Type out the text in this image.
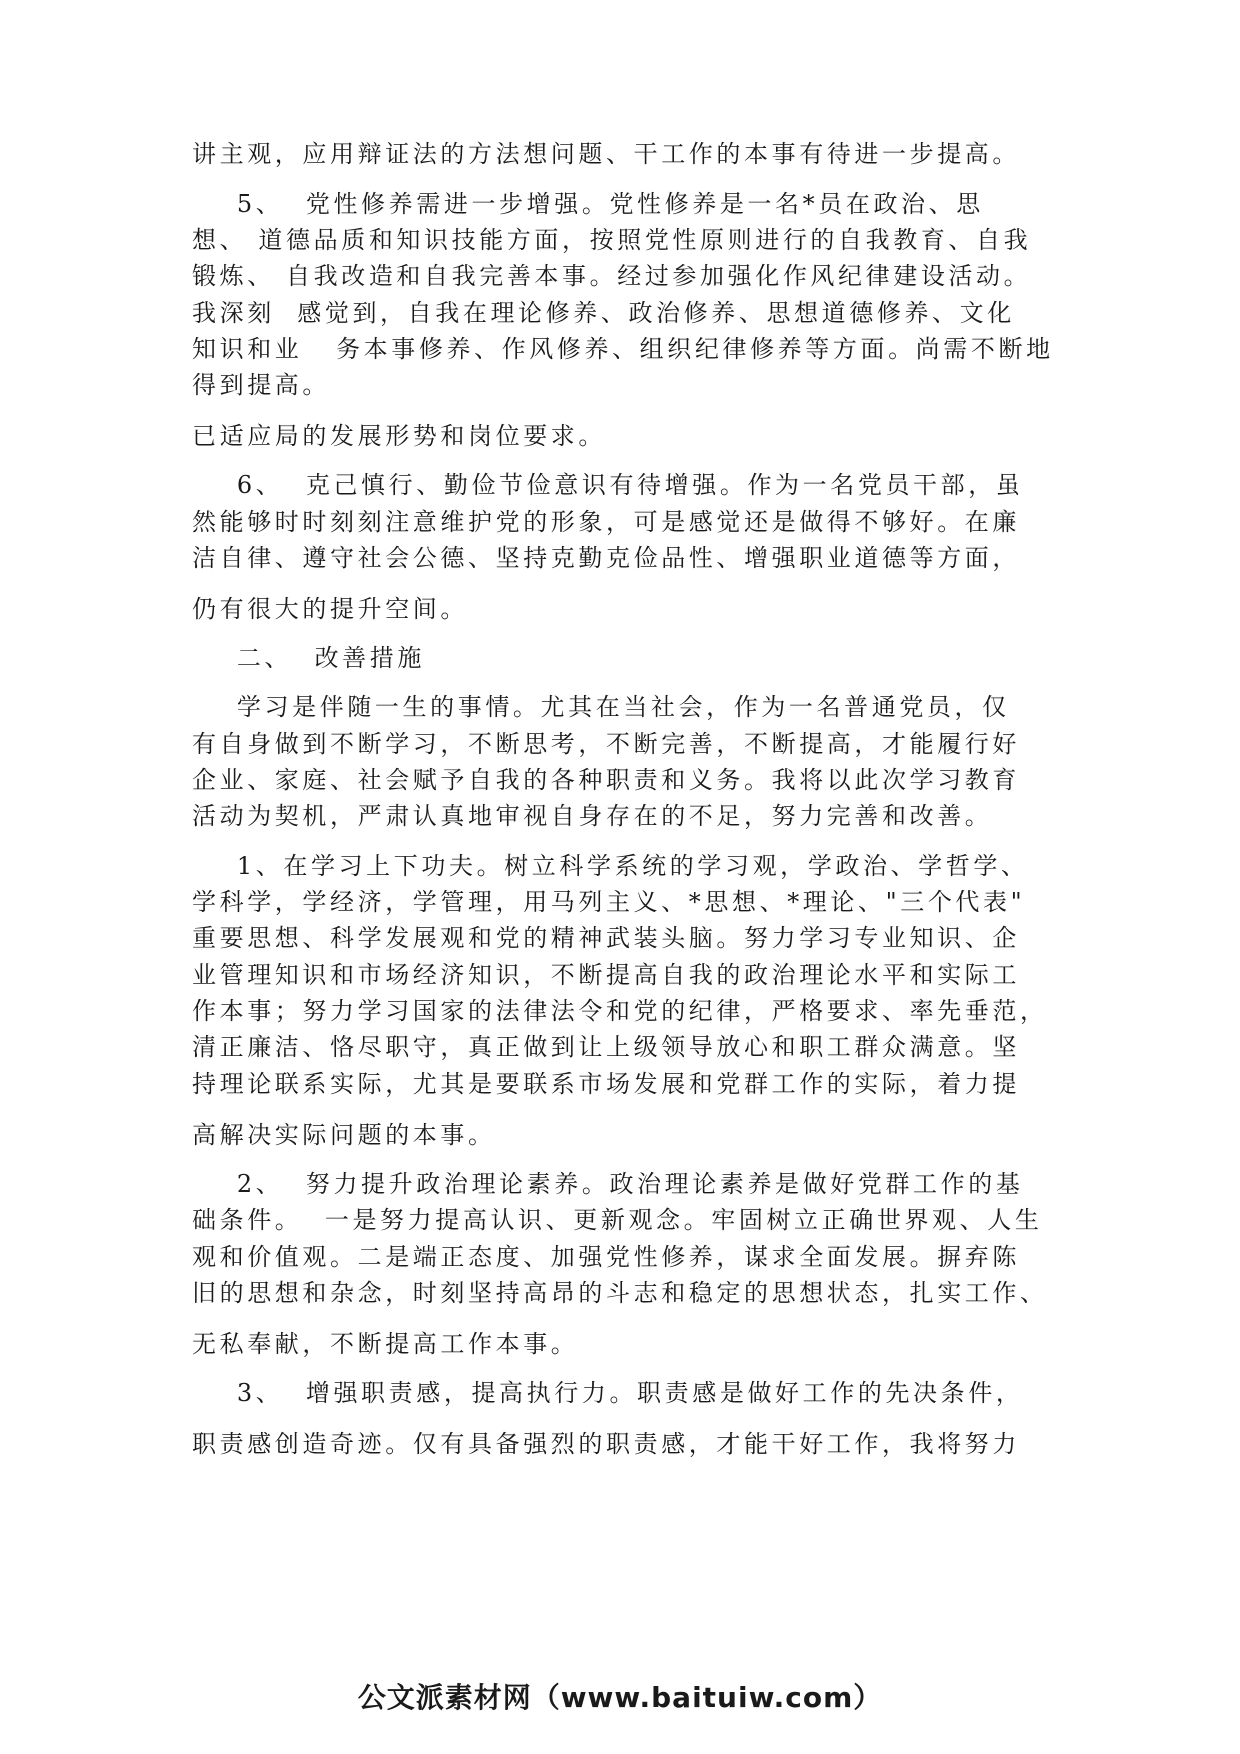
讲主观，应用辩证法的方法想问题、干工作的本事有待进一步提高。
5、  党性修养需进一步增强。党性修养是一名*员在政治、思
想、 道德品质和知识技能方面，按照党性原则进行的自我教育、自我
锻炼、 自我改造和自我完善本事。经过参加强化作风纪律建设活动。
我深刻  感觉到，自我在理论修养、政治修养、思想道德修养、文化
知识和业   务本事修养、作风修养、组织纪律修养等方面。尚需不断地
得到提高。
已适应局的发展形势和岗位要求。
6、  克己慎行、勤俭节俭意识有待增强。作为一名党员干部，虽
然能够时时刻刻注意维护党的形象，可是感觉还是做得不够好。在廉
洁自律、遵守社会公德、坚持克勤克俭品性、增强职业道德等方面，
仍有很大的提升空间。
二、  改善措施
学习是伴随一生的事情。尤其在当社会，作为一名普通党员，仅
有自身做到不断学习，不断思考，不断完善，不断提高，才能履行好
企业、家庭、社会赋予自我的各种职责和义务。我将以此次学习教育
活动为契机，严肃认真地审视自身存在的不足，努力完善和改善。
1、在学习上下功夫。树立科学系统的学习观，学政治、学哲学、
学科学，学经济，学管理，用马列主义、*思想、*理论、"三个代表"
重要思想、科学发展观和党的精神武装头脑。努力学习专业知识、企
业管理知识和市场经济知识，不断提高自我的政治理论水平和实际工
作本事；努力学习国家的法律法令和党的纪律，严格要求、率先垂范，
清正廉洁、恪尽职守，真正做到让上级领导放心和职工群众满意。坚
持理论联系实际，尤其是要联系市场发展和党群工作的实际，着力提
高解决实际问题的本事。
2、  努力提升政治理论素养。政治理论素养是做好党群工作的基
础条件。  一是努力提高认识、更新观念。牢固树立正确世界观、人生
观和价值观。二是端正态度、加强党性修养，谋求全面发展。摒弃陈
旧的思想和杂念，时刻坚持高昂的斗志和稳定的思想状态，扎实工作、
无私奉献，不断提高工作本事。
3、  增强职责感，提高执行力。职责感是做好工作的先决条件，
职责感创造奇迹。仅有具备强烈的职责感，才能干好工作，我将努力
公文派素材网（www.baituiw.com）
